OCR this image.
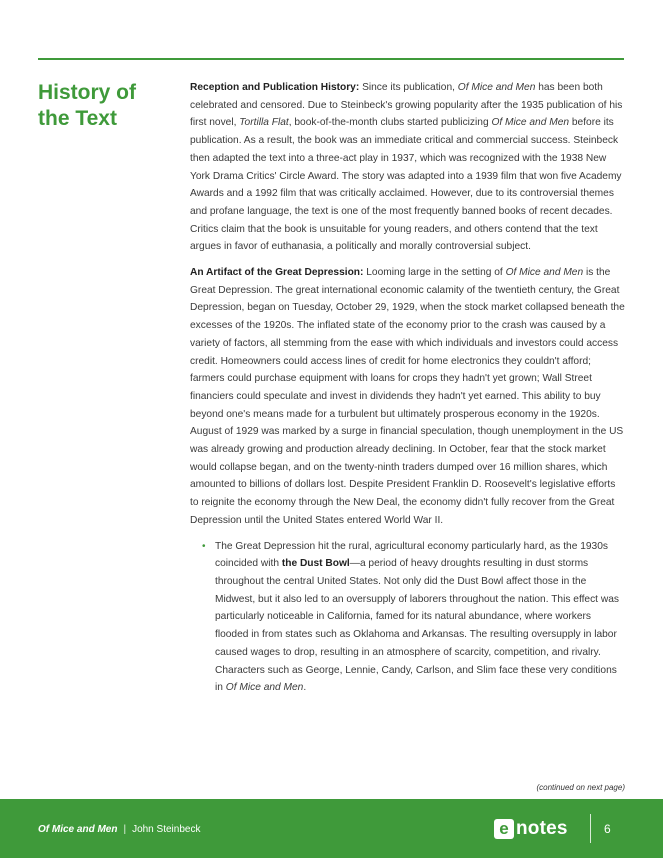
History of the Text

Reception and Publication History: Since its publication, Of Mice and Men has been both celebrated and censored. Due to Steinbeck's growing popularity after the 1935 publication of his first novel, Tortilla Flat, book-of-the-month clubs started publicizing Of Mice and Men before its publication. As a result, the book was an immediate critical and commercial success. Steinbeck then adapted the text into a three-act play in 1937, which was recognized with the 1938 New York Drama Critics' Circle Award. The story was adapted into a 1939 film that won five Academy Awards and a 1992 film that was critically acclaimed. However, due to its controversial themes and profane language, the text is one of the most frequently banned books of recent decades. Critics claim that the book is unsuitable for young readers, and others contend that the text argues in favor of euthanasia, a politically and morally controversial subject.

An Artifact of the Great Depression: Looming large in the setting of Of Mice and Men is the Great Depression. The great international economic calamity of the twentieth century, the Great Depression, began on Tuesday, October 29, 1929, when the stock market collapsed beneath the excesses of the 1920s. The inflated state of the economy prior to the crash was caused by a variety of factors, all stemming from the ease with which individuals and investors could access credit. Homeowners could access lines of credit for home electronics they couldn't afford; farmers could purchase equipment with loans for crops they hadn't yet grown; Wall Street financiers could speculate and invest in dividends they hadn't yet earned. This ability to buy beyond one's means made for a turbulent but ultimately prosperous economy in the 1920s. August of 1929 was marked by a surge in financial speculation, though unemployment in the US was already growing and production already declining. In October, fear that the stock market would collapse began, and on the twenty-ninth traders dumped over 16 million shares, which amounted to billions of dollars lost. Despite President Franklin D. Roosevelt's legislative efforts to reignite the economy through the New Deal, the economy didn't fully recover from the Great Depression until the United States entered World War II.

• The Great Depression hit the rural, agricultural economy particularly hard, as the 1930s coincided with the Dust Bowl—a period of heavy droughts resulting in dust storms throughout the central United States. Not only did the Dust Bowl affect those in the Midwest, but it also led to an oversupply of laborers throughout the nation. This effect was particularly noticeable in California, famed for its natural abundance, where workers flooded in from states such as Oklahoma and Arkansas. The resulting oversupply in labor caused wages to drop, resulting in an atmosphere of scarcity, competition, and rivalry. Characters such as George, Lennie, Candy, Carlson, and Slim face these very conditions in Of Mice and Men.
(continued on next page)
Of Mice and Men | John Steinbeck	e notes	6
